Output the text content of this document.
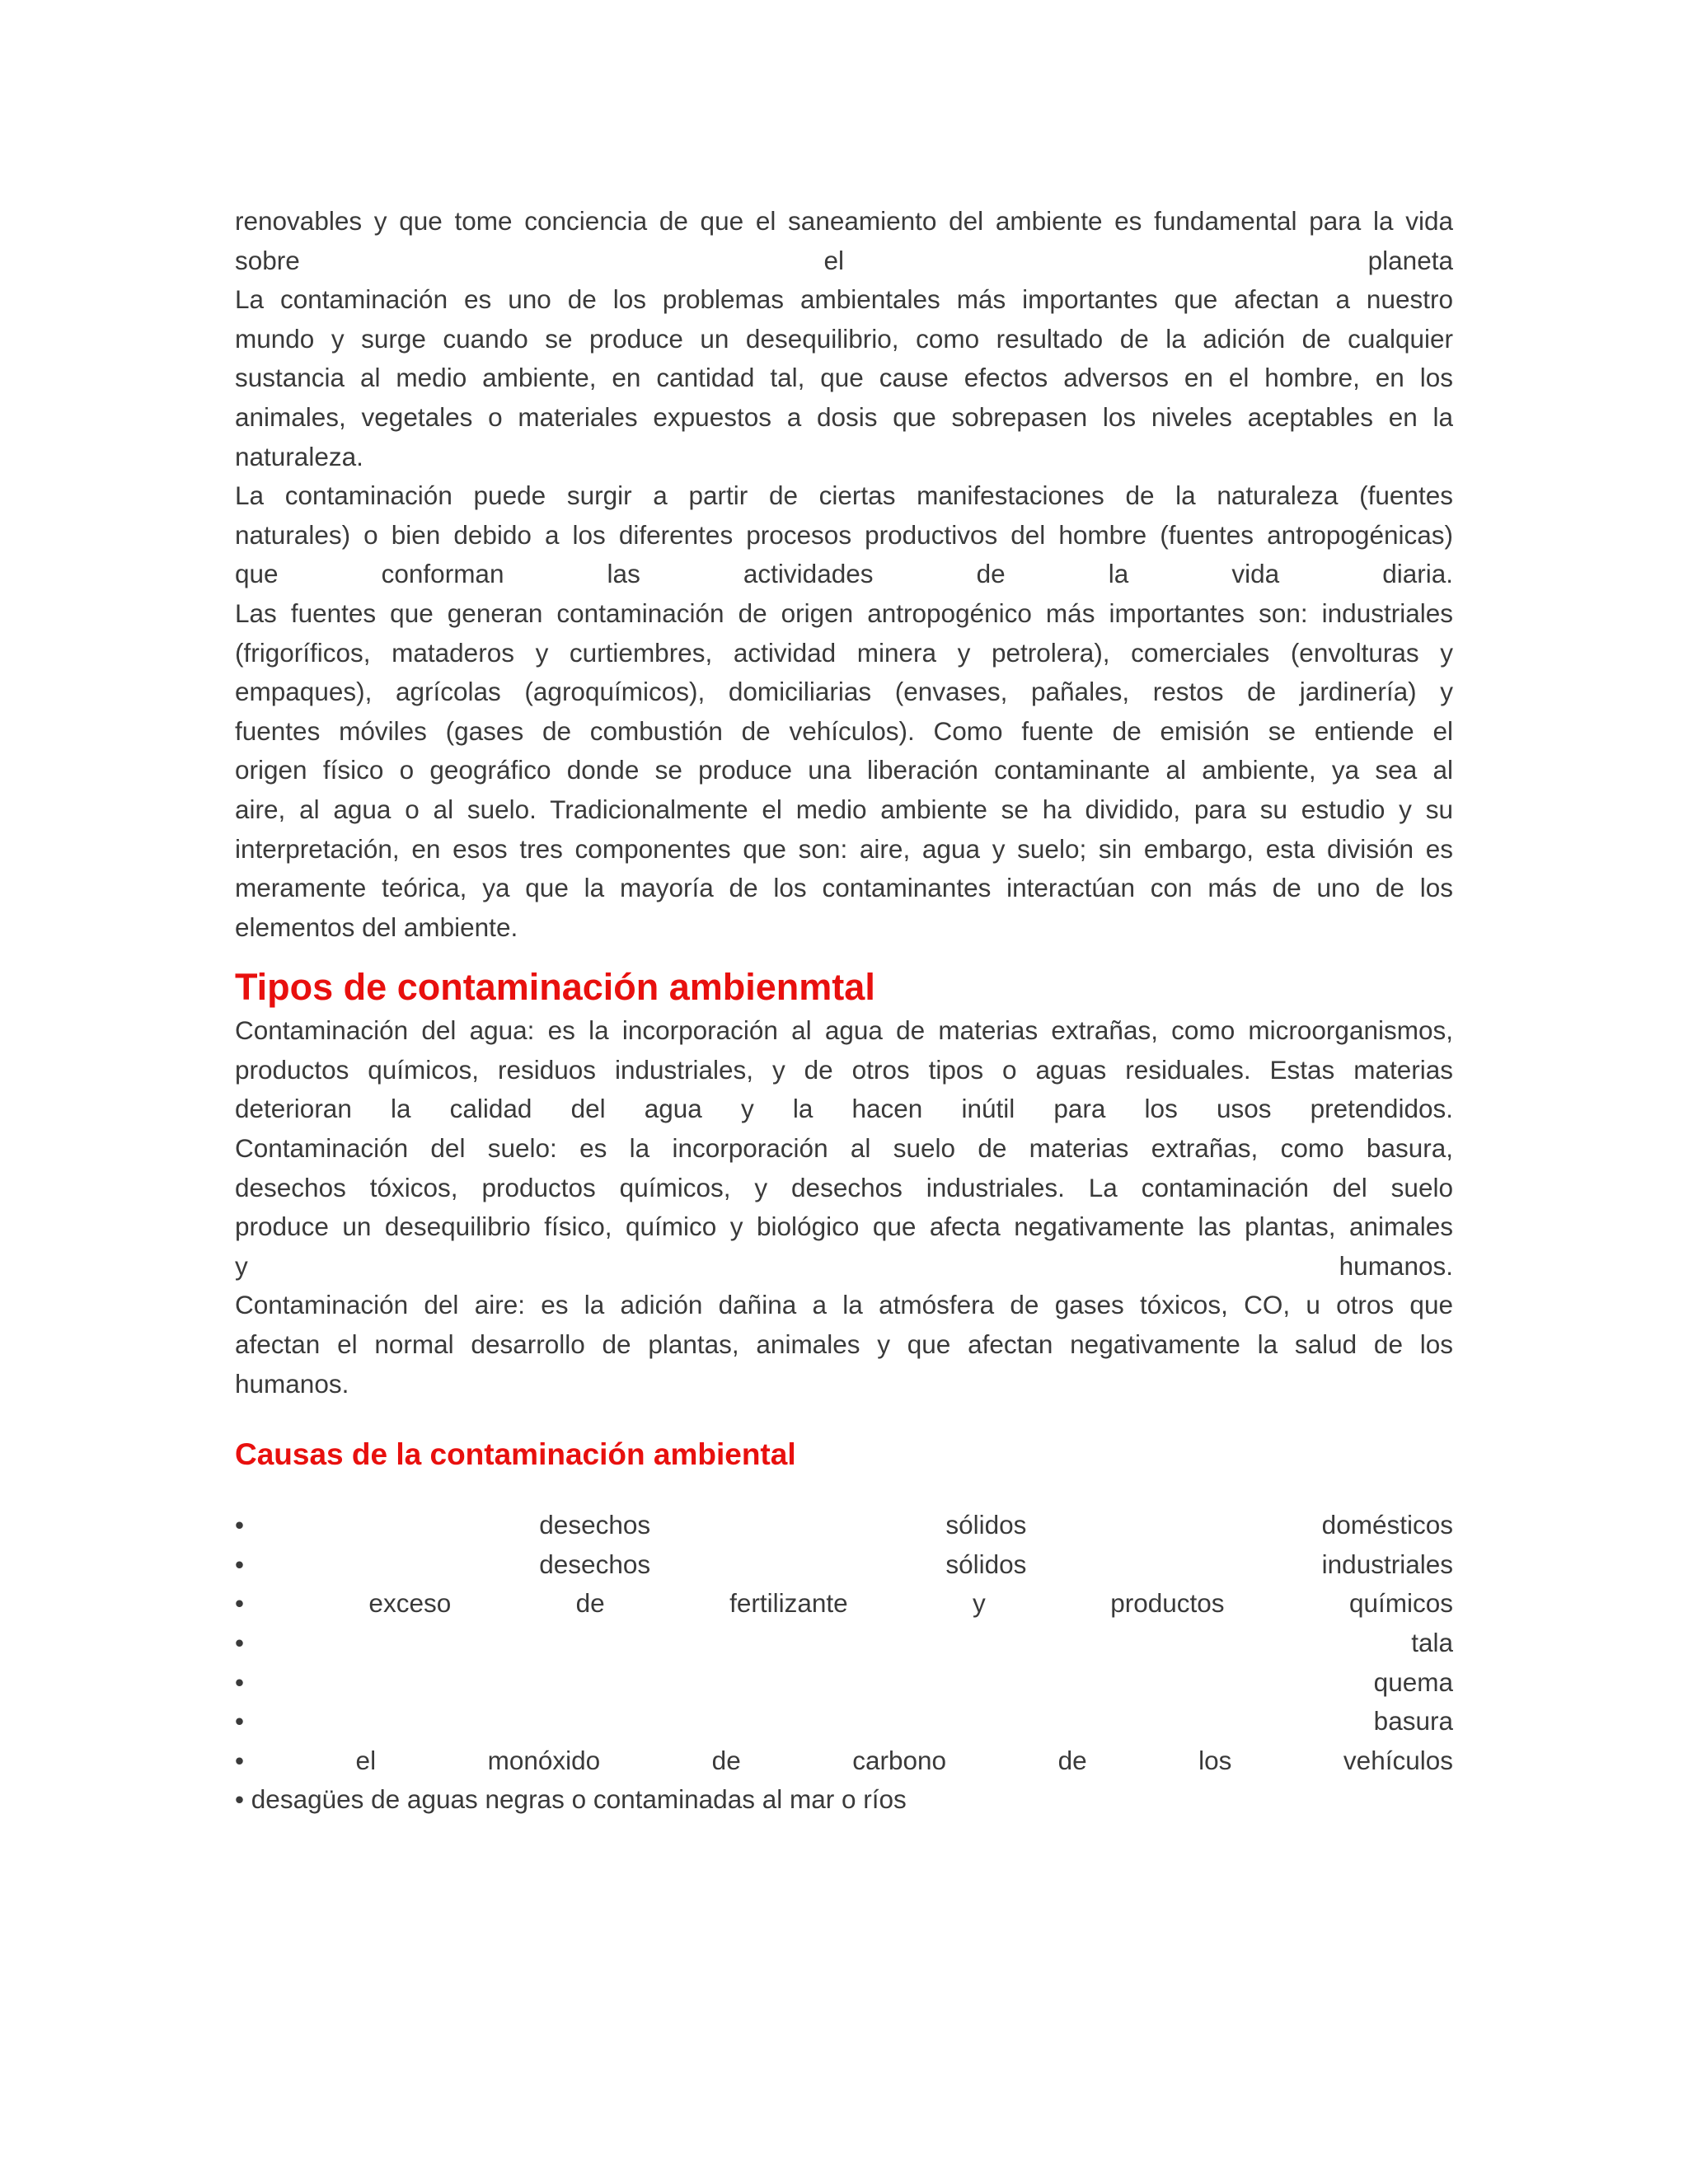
renovables y que tome conciencia de que el saneamiento del ambiente es fundamental para la vida
sobre el planeta
La contaminación es uno de los problemas ambientales más importantes que afectan a nuestro
mundo y surge cuando se produce un desequilibrio, como resultado de la adición de cualquier
sustancia al medio ambiente, en cantidad tal, que cause efectos adversos en el hombre, en los
animales, vegetales o materiales expuestos a dosis que sobrepasen los niveles aceptables en la
naturaleza.
La contaminación puede surgir a partir de ciertas manifestaciones de la naturaleza (fuentes
naturales) o bien debido a los diferentes procesos productivos del hombre (fuentes antropogénicas)
que conforman las actividades de la vida diaria.
Las fuentes que generan contaminación de origen antropogénico más importantes son: industriales
(frigoríficos, mataderos y curtiembres, actividad minera y petrolera), comerciales (envolturas y
empaques), agrícolas (agroquímicos), domiciliarias (envases, pañales, restos de jardinería) y
fuentes móviles (gases de combustión de vehículos). Como fuente de emisión se entiende el
origen físico o geográfico donde se produce una liberación contaminante al ambiente, ya sea al
aire, al agua o al suelo. Tradicionalmente el medio ambiente se ha dividido, para su estudio y su
interpretación, en esos tres componentes que son: aire, agua y suelo; sin embargo, esta división es
meramente teórica, ya que la mayoría de los contaminantes interactúan con más de uno de los
elementos del ambiente.
Tipos de contaminación ambienmtal
Contaminación del agua: es la incorporación al agua de materias extrañas, como microorganismos,
productos químicos, residuos industriales, y de otros tipos o aguas residuales. Estas materias
deterioran la calidad del agua y la hacen inútil para los usos pretendidos.
Contaminación del suelo: es la incorporación al suelo de materias extrañas, como basura,
desechos tóxicos, productos químicos, y desechos industriales. La contaminación del suelo
produce un desequilibrio físico, químico y biológico que afecta negativamente las plantas, animales
y humanos.
Contaminación del aire: es la adición dañina a la atmósfera de gases tóxicos, CO, u otros que
afectan el normal desarrollo de plantas, animales y que afectan negativamente la salud de los
humanos.
Causas de la contaminación ambiental
• desechos sólidos domésticos
• desechos sólidos industriales
• exceso de fertilizante y productos químicos
• tala
• quema
• basura
• el monóxido de carbono de los vehículos
• desagües de aguas negras o contaminadas al mar o ríos
